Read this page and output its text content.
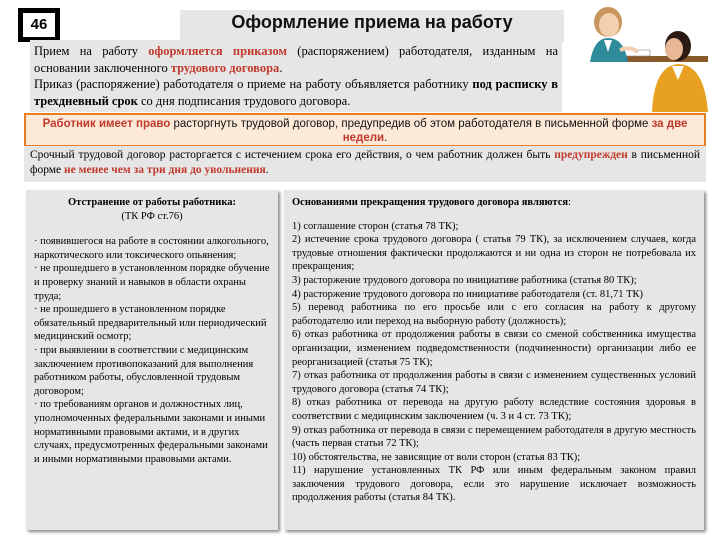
46	Оформление приема на работу
Прием на работу оформляется приказом (распоряжением) работодателя, изданным на основании заключенного трудового договора.
Приказ (распоряжение) работодателя о приеме на работу объявляется работнику под расписку в трехдневный срок со дня подписания трудового договора.
Работник имеет право расторгнуть трудовой договор, предупредив об этом работодателя в письменной форме за две недели.
Срочный трудовой договор расторгается с истечением срока его действия, о чем работник должен быть предупрежден в письменной форме не менее чем за три дня до увольнения.
Отстранение от работы работника:
(ТК РФ ст.76)

· появившегося на работе в состоянии алкогольного, наркотического или токсического опьянения;

· не прошедшего в установленном порядке обучение и проверку знаний и навыков в области охраны труда;

· не прошедшего в установленном порядке обязательный предварительный или периодический медицинский осмотр;

· при выявлении в соответствии с медицинским заключением противопоказаний для выполнения работником работы, обусловленной трудовым договором;

· по требованиям органов и должностных лиц, уполномоченных федеральными законами и иными нормативными правовыми актами, и в других случаях, предусмотренных федеральными законами и иными нормативными правовыми актами.

Основаниями прекращения трудового договора являются:

1) соглашение сторон (статья 78 ТК);

2) истечение срока трудового договора ( статья 79 ТК), за исключением случаев, когда трудовые отношения фактически продолжаются и ни одна из сторон не потребовала их прекращения;

3) расторжение трудового договора по инициативе работника (статья 80 ТК);

4) расторжение трудового договора по инициативе работодателя (ст. 81,71 ТК)

5) перевод работника по его просьбе или с его согласия на работу к другому работодателю или переход на выборную работу (должность);

6) отказ работника от продолжения работы в связи со сменой собственника имущества организации, изменением подведомственности (подчиненности) организации либо ее реорганизацией (статья 75 ТК);

7) отказ работника от продолжения работы в связи с изменением существенных условий трудового договора (статья 74 ТК);

8) отказ работника от перевода на другую работу вследствие состояния здоровья в соответствии с медицинским заключением (ч. 3 и 4 ст. 73 ТК);

9) отказ работника от перевода в связи с перемещением работодателя в другую местность (часть первая статьи 72 ТК);

10) обстоятельства, не зависящие от воли сторон (статья 83 ТК);

11) нарушение установленных ТК РФ или иным федеральным законом правил заключения трудового договора, если это нарушение исключает возможность продолжения работы (статья 84 ТК).
